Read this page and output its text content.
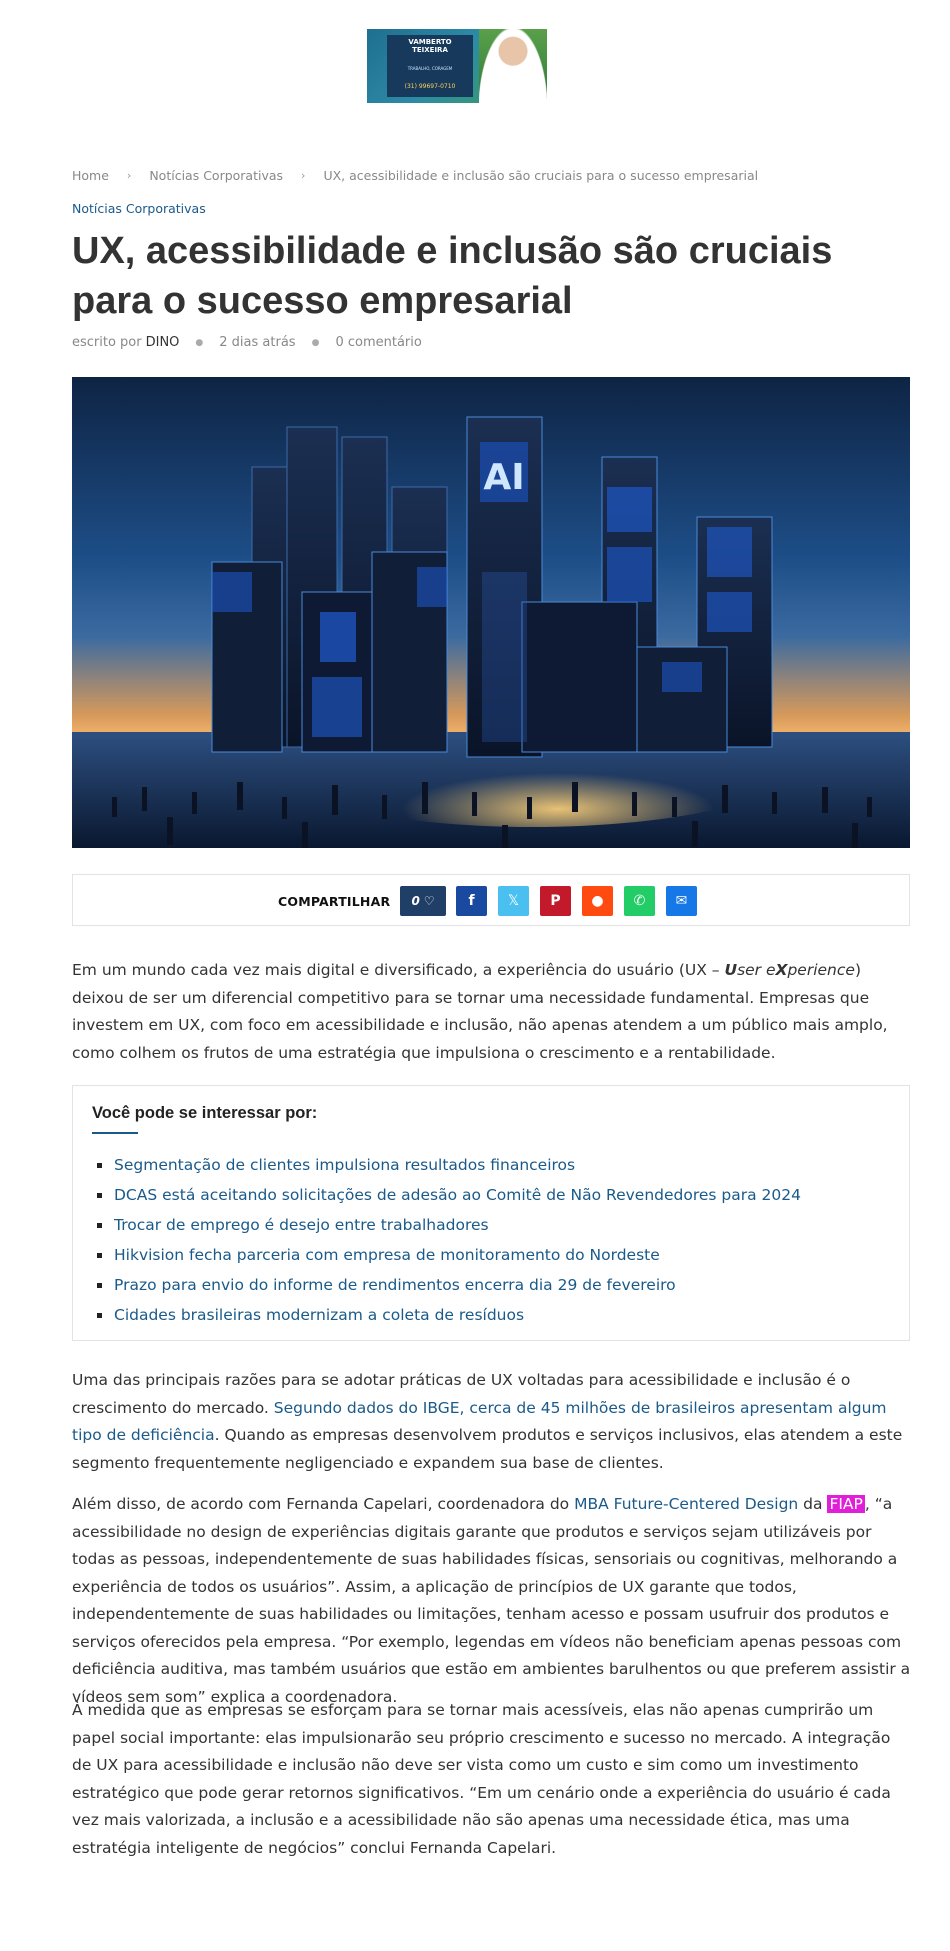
VAMBERTO
TEIXEIRA
TRABALHO, CORAGEM
(31) 99697-0710
Home › Notícias Corporativas › UX, acessibilidade e inclusão são cruciais para o sucesso empresarial
Notícias Corporativas
UX, acessibilidade e inclusão são cruciais para o sucesso empresarial
escrito por DINO ● 2 dias atrás ● 0 comentário
AI
COMPARTILHAR 0 ♡ f 𝕏 P ● ✆ ✉

Em um mundo cada vez mais digital e diversificado, a experiência do usuário (UX – User eXperience) deixou de ser um diferencial competitivo para se tornar uma necessidade fundamental. Empresas que investem em UX, com foco em acessibilidade e inclusão, não apenas atendem a um público mais amplo, como colhem os frutos de uma estratégia que impulsiona o crescimento e a rentabilidade.

Você pode se interessar por:
Segmentação de clientes impulsiona resultados financeiros
DCAS está aceitando solicitações de adesão ao Comitê de Não Revendedores para 2024
Trocar de emprego é desejo entre trabalhadores
Hikvision fecha parceria com empresa de monitoramento do Nordeste
Prazo para envio do informe de rendimentos encerra dia 29 de fevereiro
Cidades brasileiras modernizam a coleta de resíduos

Uma das principais razões para se adotar práticas de UX voltadas para acessibilidade e inclusão é o crescimento do mercado. Segundo dados do IBGE, cerca de 45 milhões de brasileiros apresentam algum tipo de deficiência. Quando as empresas desenvolvem produtos e serviços inclusivos, elas atendem a este segmento frequentemente negligenciado e expandem sua base de clientes.

Além disso, de acordo com Fernanda Capelari, coordenadora do MBA Future-Centered Design da FIAP , “a acessibilidade no design de experiências digitais garante que produtos e serviços sejam utilizáveis por todas as pessoas, independentemente de suas habilidades físicas, sensoriais ou cognitivas, melhorando a experiência de todos os usuários”. Assim, a aplicação de princípios de UX garante que todos, independentemente de suas habilidades ou limitações, tenham acesso e possam usufruir dos produtos e serviços oferecidos pela empresa. “Por exemplo, legendas em vídeos não beneficiam apenas pessoas com deficiência auditiva, mas também usuários que estão em ambientes barulhentos ou que preferem assistir a vídeos sem som” explica a coordenadora.

À medida que as empresas se esforçam para se tornar mais acessíveis, elas não apenas cumprirão um papel social importante: elas impulsionarão seu próprio crescimento e sucesso no mercado. A integração de UX para acessibilidade e inclusão não deve ser vista como um custo e sim como um investimento estratégico que pode gerar retornos significativos. “Em um cenário onde a experiência do usuário é cada vez mais valorizada, a inclusão e a acessibilidade não são apenas uma necessidade ética, mas uma estratégia inteligente de negócios” conclui Fernanda Capelari.
